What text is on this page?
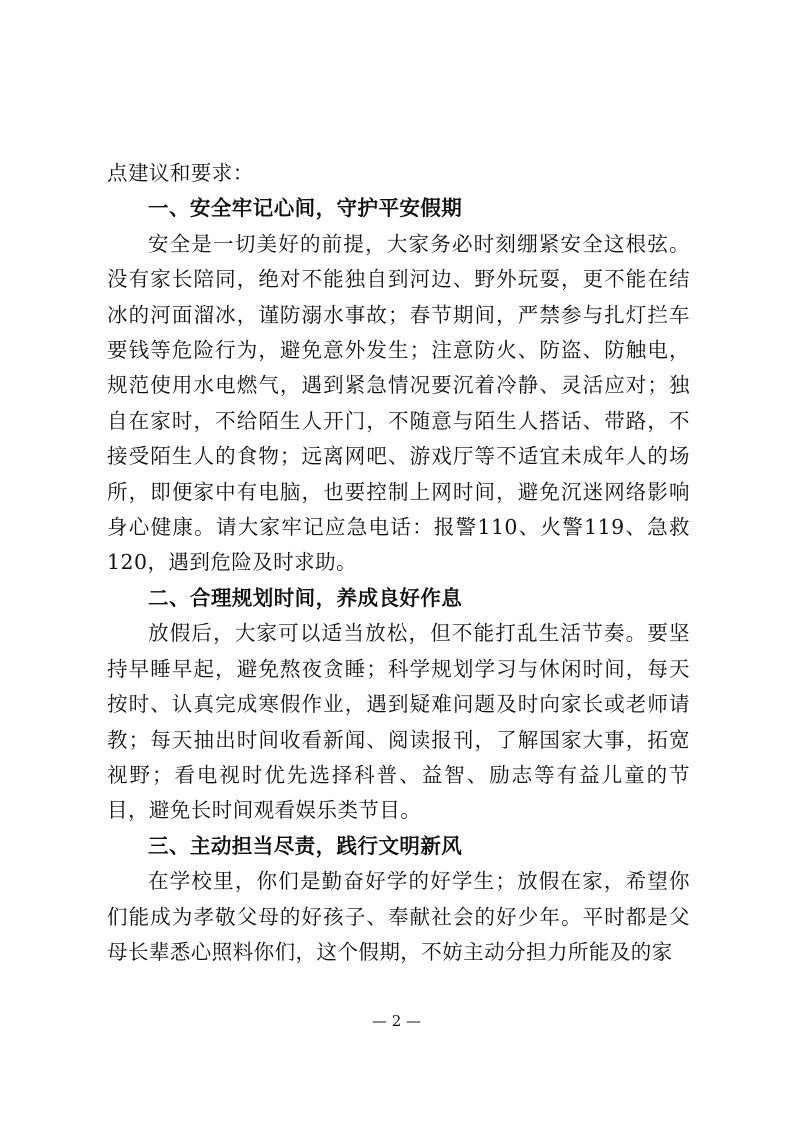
点建议和要求：

一、安全牢记心间，守护平安假期

安全是一切美好的前提，大家务必时刻绷紧安全这根弦。没有家长陪同，绝对不能独自到河边、野外玩耍，更不能在结冰的河面溜冰，谨防溺水事故；春节期间，严禁参与扎灯拦车要钱等危险行为，避免意外发生；注意防火、防盗、防触电，规范使用水电燃气，遇到紧急情况要沉着冷静、灵活应对；独自在家时，不给陌生人开门，不随意与陌生人搭话、带路，不接受陌生人的食物；远离网吧、游戏厅等不适宜未成年人的场所，即便家中有电脑，也要控制上网时间，避免沉迷网络影响身心健康。请大家牢记应急电话：报警110、火警119、急救120，遇到危险及时求助。

二、合理规划时间，养成良好作息

放假后，大家可以适当放松，但不能打乱生活节奏。要坚持早睡早起，避免熬夜贪睡；科学规划学习与休闲时间，每天按时、认真完成寒假作业，遇到疑难问题及时向家长或老师请教；每天抽出时间收看新闻、阅读报刊，了解国家大事，拓宽视野；看电视时优先选择科普、益智、励志等有益儿童的节目，避免长时间观看娱乐类节目。

三、主动担当尽责，践行文明新风

在学校里，你们是勤奋好学的好学生；放假在家，希望你们能成为孝敬父母的好孩子、奉献社会的好少年。平时都是父母长辈悉心照料你们，这个假期，不妨主动分担力所能及的家

— 2 —
